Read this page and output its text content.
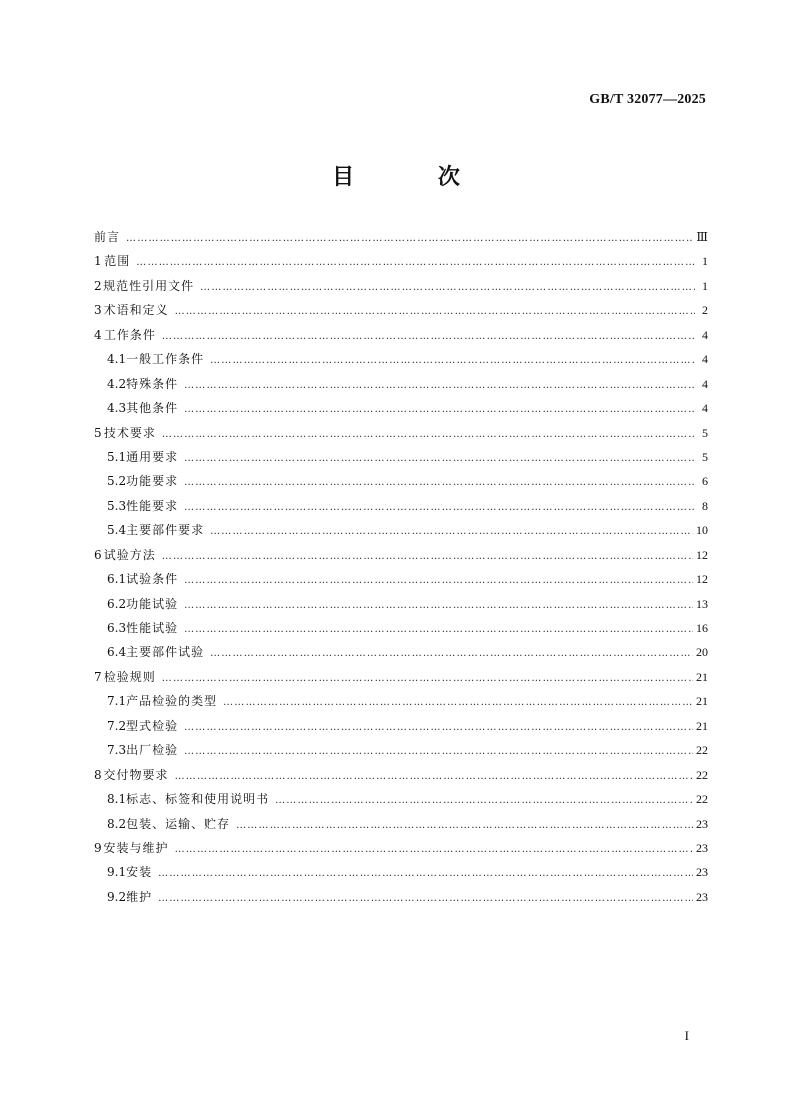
GB/T 32077—2025
目 次
前言 …………………………………………………………………………………………………………………………………………………………………………………………………………………………………………………………………	Ⅲ
1 范围 …………………………………………………………………………………………………………………………………………………………………………………………………………………………………………………………………	1
2 规范性引用文件 …………………………………………………………………………………………………………………………………………………………………………………………………………………………………………………………………	1
3 术语和定义 …………………………………………………………………………………………………………………………………………………………………………………………………………………………………………………………………	2
4 工作条件 …………………………………………………………………………………………………………………………………………………………………………………………………………………………………………………………………	4
4.1 一般工作条件 …………………………………………………………………………………………………………………………………………………………………………………………………………………………………………………………………	4
4.2 特殊条件 …………………………………………………………………………………………………………………………………………………………………………………………………………………………………………………………………	4
4.3 其他条件 …………………………………………………………………………………………………………………………………………………………………………………………………………………………………………………………………	4
5 技术要求 …………………………………………………………………………………………………………………………………………………………………………………………………………………………………………………………………	5
5.1 通用要求 …………………………………………………………………………………………………………………………………………………………………………………………………………………………………………………………………	5
5.2 功能要求 …………………………………………………………………………………………………………………………………………………………………………………………………………………………………………………………………	6
5.3 性能要求 …………………………………………………………………………………………………………………………………………………………………………………………………………………………………………………………………	8
5.4 主要部件要求 …………………………………………………………………………………………………………………………………………………………………………………………………………………………………………………………………	10
6 试验方法 …………………………………………………………………………………………………………………………………………………………………………………………………………………………………………………………………	12
6.1 试验条件 …………………………………………………………………………………………………………………………………………………………………………………………………………………………………………………………………	12
6.2 功能试验 …………………………………………………………………………………………………………………………………………………………………………………………………………………………………………………………………	13
6.3 性能试验 …………………………………………………………………………………………………………………………………………………………………………………………………………………………………………………………………	16
6.4 主要部件试验 …………………………………………………………………………………………………………………………………………………………………………………………………………………………………………………………………	20
7 检验规则 …………………………………………………………………………………………………………………………………………………………………………………………………………………………………………………………………	21
7.1 产品检验的类型 …………………………………………………………………………………………………………………………………………………………………………………………………………………………………………………………………	21
7.2 型式检验 …………………………………………………………………………………………………………………………………………………………………………………………………………………………………………………………………	21
7.3 出厂检验 …………………………………………………………………………………………………………………………………………………………………………………………………………………………………………………………………	22
8 交付物要求 …………………………………………………………………………………………………………………………………………………………………………………………………………………………………………………………………	22
8.1 标志、标签和使用说明书 …………………………………………………………………………………………………………………………………………………………………………………………………………………………………………………………………	22
8.2 包装、运输、贮存 …………………………………………………………………………………………………………………………………………………………………………………………………………………………………………………………………	23
9 安装与维护 …………………………………………………………………………………………………………………………………………………………………………………………………………………………………………………………………	23
9.1 安装 …………………………………………………………………………………………………………………………………………………………………………………………………………………………………………………………………	23
9.2 维护 …………………………………………………………………………………………………………………………………………………………………………………………………………………………………………………………………	23
I
